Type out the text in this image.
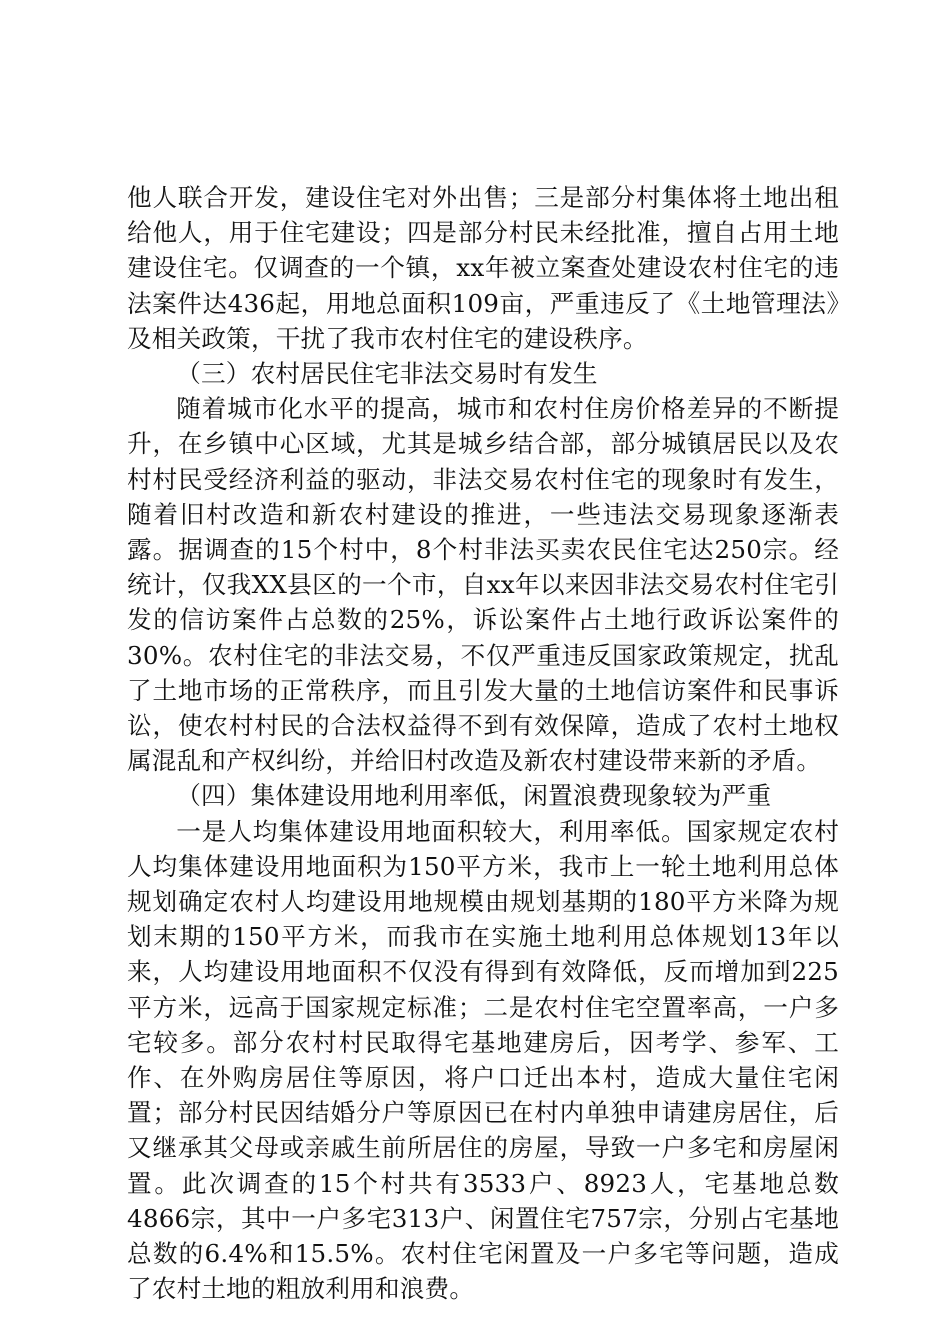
他人联合开发，建设住宅对外出售；三是部分村集体将土地出租给他人，用于住宅建设；四是部分村民未经批准，擅自占用土地建设住宅。仅调查的一个镇，xx年被立案查处建设农村住宅的违法案件达436起，用地总面积109亩，严重违反了《土地管理法》及相关政策，干扰了我市农村住宅的建设秩序。

（三）农村居民住宅非法交易时有发生

随着城市化水平的提高，城市和农村住房价格差异的不断提升，在乡镇中心区域，尤其是城乡结合部，部分城镇居民以及农村村民受经济利益的驱动，非法交易农村住宅的现象时有发生，随着旧村改造和新农村建设的推进，一些违法交易现象逐渐表露。据调查的15个村中，8个村非法买卖农民住宅达250宗。经统计，仅我XX县区的一个市，自xx年以来因非法交易农村住宅引发的信访案件占总数的25%，诉讼案件占土地行政诉讼案件的30%。农村住宅的非法交易，不仅严重违反国家政策规定，扰乱了土地市场的正常秩序，而且引发大量的土地信访案件和民事诉讼，使农村村民的合法权益得不到有效保障，造成了农村土地权属混乱和产权纠纷，并给旧村改造及新农村建设带来新的矛盾。

（四）集体建设用地利用率低，闲置浪费现象较为严重

一是人均集体建设用地面积较大，利用率低。国家规定农村人均集体建设用地面积为150平方米，我市上一轮土地利用总体规划确定农村人均建设用地规模由规划基期的180平方米降为规划末期的150平方米，而我市在实施土地利用总体规划13年以来，人均建设用地面积不仅没有得到有效降低，反而增加到225平方米，远高于国家规定标准；二是农村住宅空置率高，一户多宅较多。部分农村村民取得宅基地建房后，因考学、参军、工作、在外购房居住等原因，将户口迁出本村，造成大量住宅闲置；部分村民因结婚分户等原因已在村内单独申请建房居住，后又继承其父母或亲戚生前所居住的房屋，导致一户多宅和房屋闲置。此次调查的15个村共有3533户、8923人，宅基地总数4866宗，其中一户多宅313户、闲置住宅757宗，分别占宅基地总数的6.4%和15.5%。农村住宅闲置及一户多宅等问题，造成了农村土地的粗放利用和浪费。
